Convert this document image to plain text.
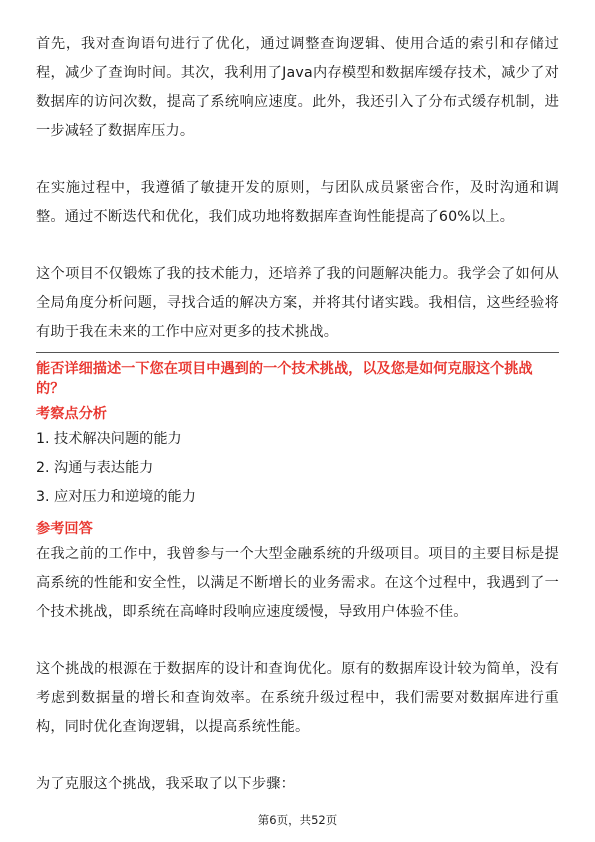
首先，我对查询语句进行了优化，通过调整查询逻辑、使用合适的索引和存储过程，减少了查询时间。其次，我利用了Java内存模型和数据库缓存技术，减少了对数据库的访问次数，提高了系统响应速度。此外，我还引入了分布式缓存机制，进一步减轻了数据库压力。

在实施过程中，我遵循了敏捷开发的原则，与团队成员紧密合作，及时沟通和调整。通过不断迭代和优化，我们成功地将数据库查询性能提高了60%以上。

这个项目不仅锻炼了我的技术能力，还培养了我的问题解决能力。我学会了如何从全局角度分析问题，寻找合适的解决方案，并将其付诸实践。我相信，这些经验将有助于我在未来的工作中应对更多的技术挑战。

能否详细描述一下您在项目中遇到的一个技术挑战，以及您是如何克服这个挑战的？

考察点分析
1. 技术解决问题的能力
2. 沟通与表达能力
3. 应对压力和逆境的能力
参考回答

在我之前的工作中，我曾参与一个大型金融系统的升级项目。项目的主要目标是提高系统的性能和安全性，以满足不断增长的业务需求。在这个过程中，我遇到了一个技术挑战，即系统在高峰时段响应速度缓慢，导致用户体验不佳。

这个挑战的根源在于数据库的设计和查询优化。原有的数据库设计较为简单，没有考虑到数据量的增长和查询效率。在系统升级过程中，我们需要对数据库进行重构，同时优化查询逻辑，以提高系统性能。

为了克服这个挑战，我采取了以下步骤：

第6页，共52页
